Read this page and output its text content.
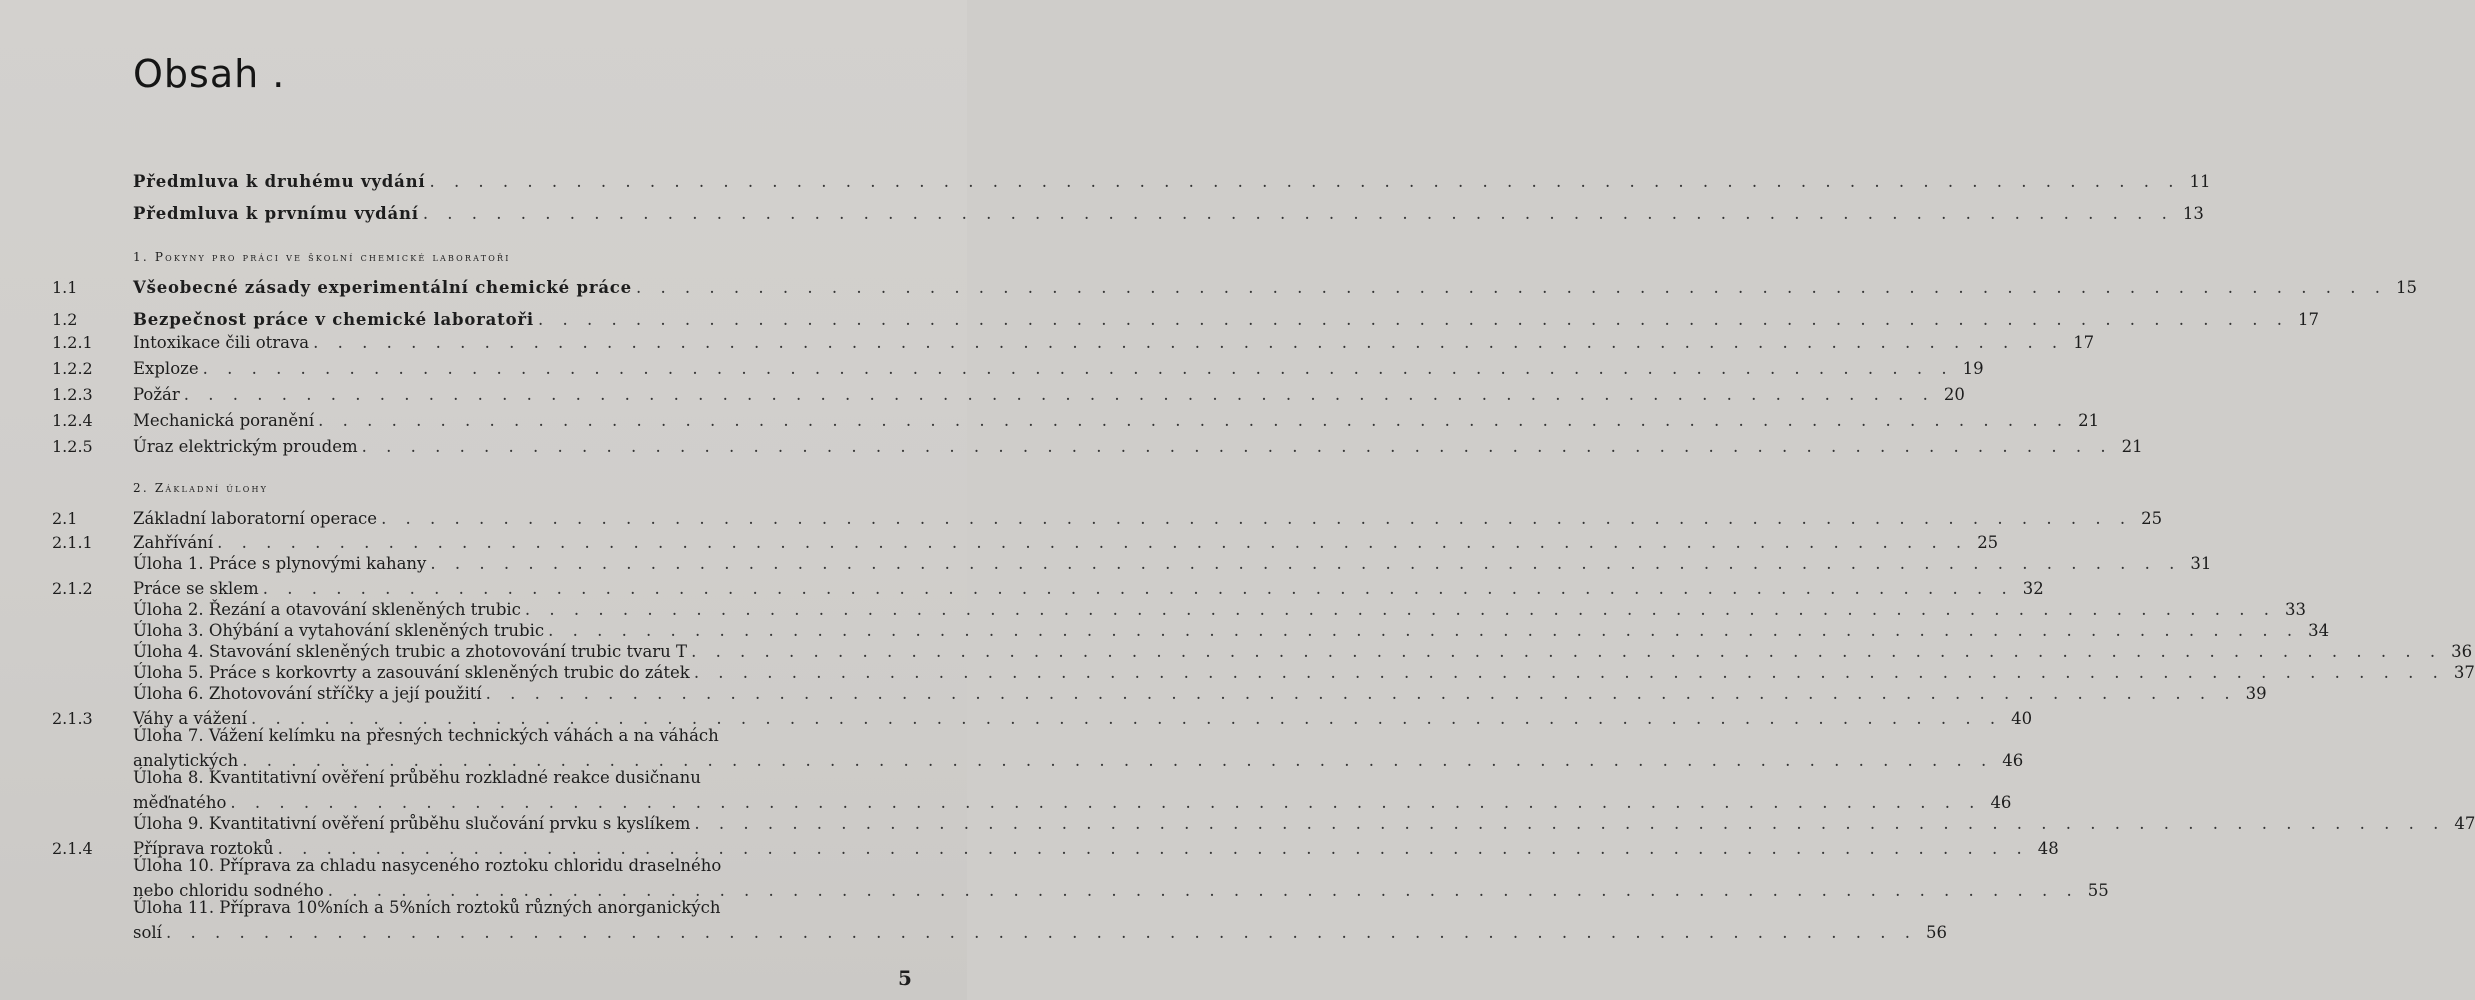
Obsah .
Předmluva k druhému vydání . . . . . . . . . . . . . . . . . . . . . . . . . . . . . . . . . . . . . . . . . . . . . . . . . . . . . . . . . . . . . . . . . . . . . . . . 11
Předmluva k prvnímu vydání . . . . . . . . . . . . . . . . . . . . . . . . . . . . . . . . . . . . . . . . . . . . . . . . . . . . . . . . . . . . . . . . . . . . . . . . 13
1. Pokyny pro práci ve školní chemické laboratoři
1.1	Všeobecné zásady experimentální chemické práce . . . . . . . . . . . . . . . . . . . . . . . . . . . . . . . . . . . . . . . . . . . . . . . . . . . . . . . . . . . . . . . . . . . . . . . . 15
1.2	Bezpečnost práce v chemické laboratoři . . . . . . . . . . . . . . . . . . . . . . . . . . . . . . . . . . . . . . . . . . . . . . . . . . . . . . . . . . . . . . . . . . . . . . . . 17
1.2.1 Intoxikace čili otrava . . . . . . . . . . . . . . . . . . . . . . . . . . . . . . . . . . . . . . . . . . . . . . . . . . . . . . . . . . . . . . . . . . . . . . . . 17
1.2.2 Exploze . . . . . . . . . . . . . . . . . . . . . . . . . . . . . . . . . . . . . . . . . . . . . . . . . . . . . . . . . . . . . . . . . . . . . . . . 19
1.2.3 Požár . . . . . . . . . . . . . . . . . . . . . . . . . . . . . . . . . . . . . . . . . . . . . . . . . . . . . . . . . . . . . . . . . . . . . . . . 20
1.2.4 Mechanická poranění . . . . . . . . . . . . . . . . . . . . . . . . . . . . . . . . . . . . . . . . . . . . . . . . . . . . . . . . . . . . . . . . . . . . . . . . 21
1.2.5 Úraz elektrickým proudem . . . . . . . . . . . . . . . . . . . . . . . . . . . . . . . . . . . . . . . . . . . . . . . . . . . . . . . . . . . . . . . . . . . . . . . . 21
2. Základní úlohy
2.1	Základní laboratorní operace . . . . . . . . . . . . . . . . . . . . . . . . . . . . . . . . . . . . . . . . . . . . . . . . . . . . . . . . . . . . . . . . . . . . . . . . 25
2.1.1 Zahřívání . . . . . . . . . . . . . . . . . . . . . . . . . . . . . . . . . . . . . . . . . . . . . . . . . . . . . . . . . . . . . . . . . . . . . . . . 25
Úloha 1. Práce s plynovými kahany . . . . . . . . . . . . . . . . . . . . . . . . . . . . . . . . . . . . . . . . . . . . . . . . . . . . . . . . . . . . . . . . . . . . . . . . 31
2.1.2 Práce se sklem . . . . . . . . . . . . . . . . . . . . . . . . . . . . . . . . . . . . . . . . . . . . . . . . . . . . . . . . . . . . . . . . . . . . . . . . 32
Úloha 2. Řezání a otavování skleněných trubic . . . . . . . . . . . . . . . . . . . . . . . . . . . . . . . . . . . . . . . . . . . . . . . . . . . . . . . . . . . . . . . . . . . . . . . . 33
Úloha 3. Ohýbání a vytahování skleněných trubic . . . . . . . . . . . . . . . . . . . . . . . . . . . . . . . . . . . . . . . . . . . . . . . . . . . . . . . . . . . . . . . . . . . . . . . . 34
Úloha 4. Stavování skleněných trubic a zhotovování trubic tvaru T . . . . . . . . . . . . . . . . . . . . . . . . . . . . . . . . . . . . . . . . . . . . . . . . . . . . . . . . . . . . . . . . . . . . . . . . 36
Úloha 5. Práce s korkovrty a zasouvání skleněných trubic do zátek . . . . . . . . . . . . . . . . . . . . . . . . . . . . . . . . . . . . . . . . . . . . . . . . . . . . . . . . . . . . . . . . . . . . . . . . 37
Úloha 6. Zhotovování stříčky a její použití . . . . . . . . . . . . . . . . . . . . . . . . . . . . . . . . . . . . . . . . . . . . . . . . . . . . . . . . . . . . . . . . . . . . . . . . 39
2.1.3 Váhy a vážení . . . . . . . . . . . . . . . . . . . . . . . . . . . . . . . . . . . . . . . . . . . . . . . . . . . . . . . . . . . . . . . . . . . . . . . . 40
Úloha 7. Vážení kelímku na přesných technických váhách a na váhách
analytických . . . . . . . . . . . . . . . . . . . . . . . . . . . . . . . . . . . . . . . . . . . . . . . . . . . . . . . . . . . . . . . . . . . . . . . . 46
Úloha 8. Kvantitativní ověření průběhu rozkladné reakce dusičnanu
měďnatého . . . . . . . . . . . . . . . . . . . . . . . . . . . . . . . . . . . . . . . . . . . . . . . . . . . . . . . . . . . . . . . . . . . . . . . . 46
Úloha 9. Kvantitativní ověření průběhu slučování prvku s kyslíkem . . . . . . . . . . . . . . . . . . . . . . . . . . . . . . . . . . . . . . . . . . . . . . . . . . . . . . . . . . . . . . . . . . . . . . . . 47
2.1.4 Příprava roztoků . . . . . . . . . . . . . . . . . . . . . . . . . . . . . . . . . . . . . . . . . . . . . . . . . . . . . . . . . . . . . . . . . . . . . . . . 48
Úloha 10. Příprava za chladu nasyceného roztoku chloridu draselného
nebo chloridu sodného . . . . . . . . . . . . . . . . . . . . . . . . . . . . . . . . . . . . . . . . . . . . . . . . . . . . . . . . . . . . . . . . . . . . . . . . 55
Úloha 11. Příprava 10%ních a 5%ních roztoků různých anorganických
solí . . . . . . . . . . . . . . . . . . . . . . . . . . . . . . . . . . . . . . . . . . . . . . . . . . . . . . . . . . . . . . . . . . . . . . . . 56
5
